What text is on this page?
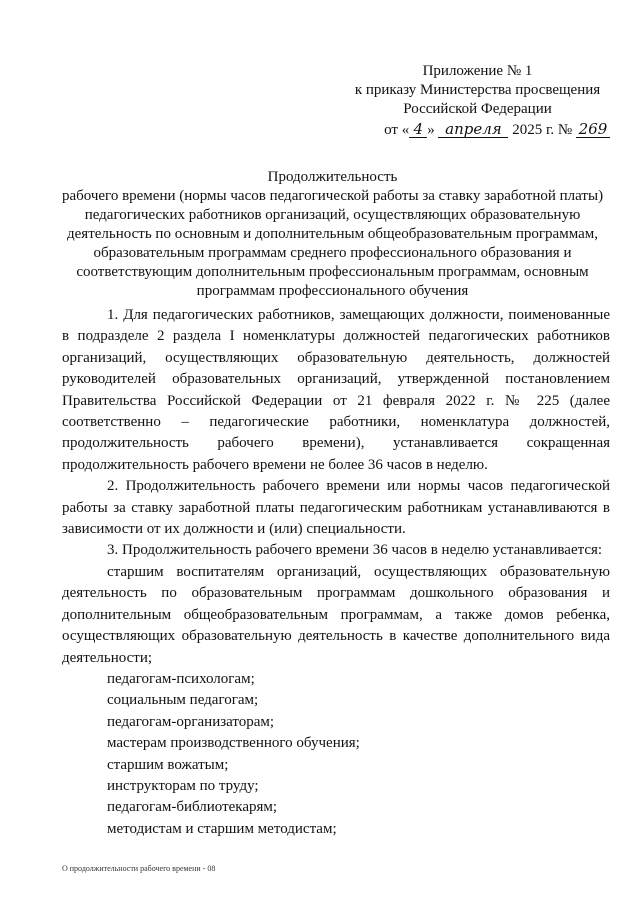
Приложение № 1
к приказу Министерства просвещения
Российской Федерации
от « 4 » апреля 2025 г. № 269
Продолжительность
рабочего времени (нормы часов педагогической работы за ставку заработной платы)
педагогических работников организаций, осуществляющих образовательную
деятельность по основным и дополнительным общеобразовательным программам,
образовательным программам среднего профессионального образования и
соответствующим дополнительным профессиональным программам, основным
программам профессионального обучения

1. Для педагогических работников, замещающих должности, поименованные в подразделе 2 раздела I номенклатуры должностей педагогических работников организаций, осуществляющих образовательную деятельность, должностей руководителей образовательных организаций, утвержденной постановлением Правительства Российской Федерации от 21 февраля 2022 г. № 225 (далее соответственно – педагогические работники, номенклатура должностей, продолжительность рабочего времени), устанавливается сокращенная продолжительность рабочего времени не более 36 часов в неделю.

2. Продолжительность рабочего времени или нормы часов педагогической работы за ставку заработной платы педагогическим работникам устанавливаются в зависимости от их должности и (или) специальности.

3. Продолжительность рабочего времени 36 часов в неделю устанавливается:

старшим воспитателям организаций, осуществляющих образовательную деятельность по образовательным программам дошкольного образования и дополнительным общеобразовательным программам, а также домов ребенка, осуществляющих образовательную деятельность в качестве дополнительного вида деятельности;

педагогам-психологам;

социальным педагогам;

педагогам-организаторам;

мастерам производственного обучения;

старшим вожатым;

инструкторам по труду;

педагогам-библиотекарям;

методистам и старшим методистам;

О продолжительности рабочего времени - 08
